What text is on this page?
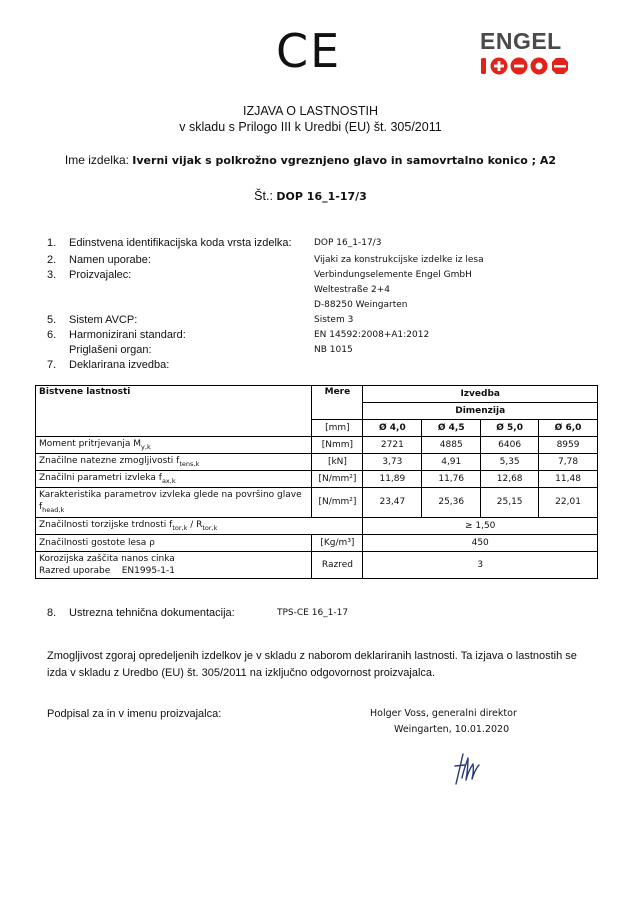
CE	ENGEL
IZJAVA O LASTNOSTIH
v skladu s Prilogo III k Uredbi (EU) št. 305/2011
Ime izdelka: Iverni vijak s polkrožno vgreznjeno glavo in samovrtalno konico ; A2
Št.: DOP 16_1-17/3
1.	Edinstvena identifikacijska koda vrsta izdelka: DOP 16_1-17/3
2.	Namen uporabe:	Vijaki za konstrukcijske izdelke iz lesa
3.	Proizvajalec:	Verbindungselemente Engel GmbH
Weltestraße 2+4
D-88250 Weingarten
5.	Sistem AVCP:	Sistem 3
6.	Harmonizirani standard:	EN 14592:2008+A1:2012
Priglašeni organ:	NB 1015
7.	Deklarirana izvedba:
Bistvene lastnosti	Mere	Izvedba			
		Dimenzija			
	[mm]	Ø 4,0	Ø 4,5	Ø 5,0	Ø 6,0
Moment pritrjevanja $M_{y,k}$	[Nmm]	2721	4885	6406	8959
Značilne natezne zmogljivosti $f_{tens,k}$	[kN]	3,73	4,91	5,35	7,78
Značilni parametri izvleka $f_{ax,k}$	[N/mm²]	11,89	11,76	12,68	11,48
Karakteristika parametrov izvleka glede na površino glave $f_{head,k}$	[N/mm²]	23,47	25,36	25,15	22,01
Značilnosti torzijske trdnosti $f_{tor,k} / R_{tor,k}$		≥ 1,50			
Značilnosti gostote lesa ρ	[Kg/m³]	450			

Korozijska zaščita nanos cinka
Razred uporabe    EN1995-1-1	Razred	3			
8.	Ustrezna tehnična dokumentacija:	TPS-CE 16_1-17
Zmogljivost zgoraj opredeljenih izdelkov je v skladu z naborom deklariranih lastnosti. Ta izjava o lastnostih se
izda v skladu z Uredbo (EU) št. 305/2011 na izključno odgovornost proizvajalca.
Podpisal za in v imenu proizvajalca:	Holger Voss, generalni direktor
Weingarten, 10.01.2020
